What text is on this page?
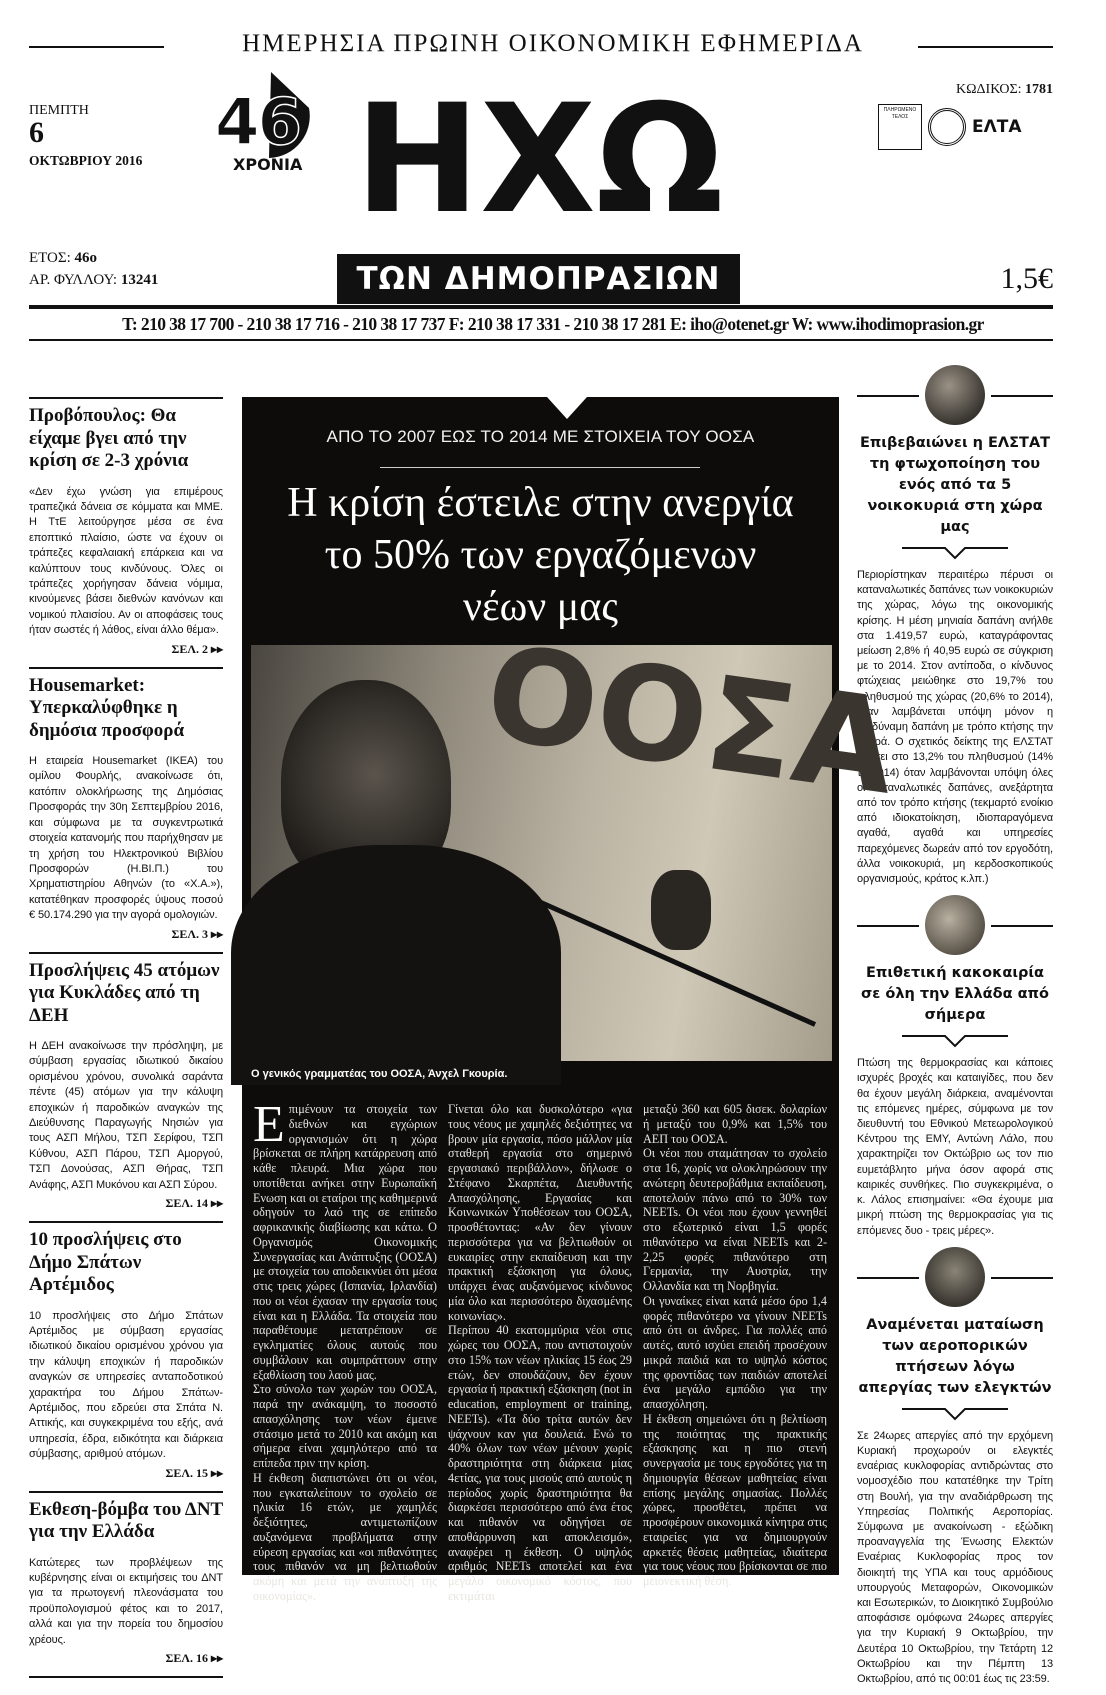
ΗΜΕΡΗΣΙΑ ΠΡΩΙΝΗ ΟΙΚΟΝΟΜΙΚΗ ΕΦΗΜΕΡΙΔΑ
ΠΕΜΠΤΗ
6
ΟΚΤΩΒΡΙΟΥ 2016
46
ΧΡΟΝΙΑ ΗΧΩ
ΤΩΝ ΔΗΜΟΠΡΑΣΙΩΝ
ΕΤΟΣ: 46ο
ΑΡ. ΦΥΛΛΟΥ: 13241
ΚΩΔΙΚΟΣ: 1781
ΠΛΗΡΩΜΕΝΟ ΤΕΛΟΣ	ΕΛΤΑ
1,5€
T: 210 38 17 700 - 210 38 17 716 - 210 38 17 737 F: 210 38 17 331 - 210 38 17 281 E: iho@otenet.gr W: www.ihodimoprasion.gr
Προβόπουλος: Θα είχαμε βγει από την κρίση σε 2-3 χρόνια

«Δεν έχω γνώση για επιμέρους τραπεζικά δάνεια σε κόμματα και ΜΜΕ. Η ΤτΕ λειτούργησε μέσα σε ένα εποπτικό πλαίσιο, ώστε να έχουν οι τράπεζες κεφαλαιακή επάρκεια και να καλύπτουν τους κινδύνους. Όλες οι τράπεζες χορήγησαν δάνεια νόμιμα, κινούμενες βάσει διεθνών κανόνων και νομικού πλαισίου. Αν οι αποφάσεις τους ήταν σωστές ή λάθος, είναι άλλο θέμα».

ΣΕΛ. 2 ▸▸
Housemarket: Υπερκαλύφθηκε η δημόσια προσφορά

Η εταιρεία Housemarket (ΙΚΕΑ) του ομίλου Φουρλής, ανακοίνωσε ότι, κατόπιν ολοκλήρωσης της Δημόσιας Προσφοράς την 30η Σεπτεμβρίου 2016, και σύμφωνα με τα συγκεντρωτικά στοιχεία κατανομής που παρήχθησαν με τη χρήση του Ηλεκτρονικού Βιβλίου Προσφορών (Η.ΒΙ.Π.) του Χρηματιστηρίου Αθηνών (το «Χ.Α.»), κατατέθηκαν προσφορές ύψους ποσού € 50.174.290 για την αγορά ομολογιών.

ΣΕΛ. 3 ▸▸
Προσλήψεις 45 ατόμων για Κυκλάδες από τη ΔΕΗ

Η ΔΕΗ ανακοίνωσε την πρόσληψη, με σύμβαση εργασίας ιδιωτικού δικαίου ορισμένου χρόνου, συνολικά σαράντα πέντε (45) ατόμων για την κάλυψη εποχικών ή παροδικών αναγκών της Διεύθυνσης Παραγωγής Νησιών για τους ΑΣΠ Μήλου, ΤΣΠ Σερίφου, ΤΣΠ Κύθνου, ΑΣΠ Πάρου, ΤΣΠ Αμοργού, ΤΣΠ Δονούσας, ΑΣΠ Θήρας, ΤΣΠ Ανάφης, ΑΣΠ Μυκόνου και ΑΣΠ Σύρου.

ΣΕΛ. 14 ▸▸
10 προσλήψεις στο Δήμο Σπάτων Αρτέμιδος

10 προσλήψεις στο Δήμο Σπάτων Αρτέμιδος με σύμβαση εργασίας ιδιωτικού δικαίου ορισμένου χρόνου για την κάλυψη εποχικών ή παροδικών αναγκών σε υπηρεσίες ανταποδοτικού χαρακτήρα του Δήμου Σπάτων- Αρτέμιδος, που εδρεύει στα Σπάτα Ν. Αττικής, και συγκεκριμένα του εξής, ανά υπηρεσία, έδρα, ειδικότητα και διάρκεια σύμβασης, αριθμού ατόμων.

ΣΕΛ. 15 ▸▸
Εκθεση-βόμβα του ΔΝΤ για την Ελλάδα

Κατώτερες των προβλέψεων της κυβέρνησης είναι οι εκτιμήσεις του ΔΝΤ για τα πρωτογενή πλεονάσματα του προϋπολογισμού φέτος και το 2017, αλλά και για την πορεία του δημοσίου χρέους.

ΣΕΛ. 16 ▸▸
ΑΠΟ ΤΟ 2007 ΕΩΣ ΤΟ 2014 ΜΕ ΣΤΟΙΧΕΙΑ ΤΟΥ ΟΟΣΑ
Η κρίση έστειλε στην ανεργία
το 50% των εργαζόμενων
νέων μας
ΟΟΣΑ
Ο γενικός γραμματέας του ΟΟΣΑ, Άνχελ Γκουρία.

Επιμένουν τα στοιχεία των διεθνών και εγχώριων οργανισμών ότι η χώρα βρίσκεται σε πλήρη κατάρρευση από κάθε πλευρά. Μια χώρα που υποτίθεται ανήκει στην Ευρωπαϊκή Ενωση και οι εταίροι της καθημερινά οδηγούν το λαό της σε επίπεδο αφρικανικής διαβίωσης και κάτω. Ο Οργανισμός Οικονομικής Συνεργασίας και Ανάπτυξης (ΟΟΣΑ) με στοιχεία του αποδεικνύει ότι μέσα στις τρεις χώρες (Ισπανία, Ιρλανδία) που οι νέοι έχασαν την εργασία τους είναι και η Ελλάδα. Τα στοιχεία που παραθέτουμε μετατρέπουν σε εγκληματίες όλους αυτούς που συμβάλουν και συμπράττουν στην εξαθλίωση του λαού μας.

Στο σύνολο των χωρών του ΟΟΣΑ, παρά την ανάκαμψη, το ποσοστό απασχόλησης των νέων έμεινε στάσιμο μετά το 2010 και ακόμη και σήμερα είναι χαμηλότερο από τα επίπεδα πριν την κρίση.

Η έκθεση διαπιστώνει ότι οι νέοι, που εγκαταλείπουν το σχολείο σε ηλικία 16 ετών, με χαμηλές δεξιότητες, αντιμετωπίζουν αυξανόμενα προβλήματα στην εύρεση εργασίας και «οι πιθανότητες τους πιθανόν να μη βελτιωθούν ακόμη και μετά την ανάπτυξη της οικονομίας».

Γίνεται όλο και δυσκολότερο «για τους νέους με χαμηλές δεξιότητες να βρουν μία εργασία, πόσο μάλλον μία σταθερή εργασία στο σημερινό εργασιακό περιβάλλον», δήλωσε ο Στέφανο Σκαρπέτα, Διευθυντής Απασχόλησης, Εργασίας και Κοινωνικών Υποθέσεων του ΟΟΣΑ, προσθέτοντας: «Αν δεν γίνουν περισσότερα για να βελτιωθούν οι ευκαιρίες στην εκπαίδευση και την πρακτική εξάσκηση για όλους, υπάρχει ένας αυξανόμενος κίνδυνος μία όλο και περισσότερο διχασμένης κοινωνίας».

Περίπου 40 εκατομμύρια νέοι στις χώρες του ΟΟΣΑ, που αντιστοιχούν στο 15% των νέων ηλικίας 15 έως 29 ετών, δεν σπουδάζουν, δεν έχουν εργασία ή πρακτική εξάσκηση (not in education, employment or training, NEETs). «Τα δύο τρίτα αυτών δεν ψάχνουν καν για δουλειά. Ενώ το 40% όλων των νέων μένουν χωρίς δραστηριότητα στη διάρκεια μίας 4ετίας, για τους μισούς από αυτούς η περίοδος χωρίς δραστηριότητα θα διαρκέσει περισσότερο από ένα έτος και πιθανόν να οδηγήσει σε αποθάρρυνση και αποκλεισμό», αναφέρει η έκθεση. Ο υψηλός αριθμός NEETs αποτελεί και ένα μεγάλο οικονομικό κόστος, που εκτιμάται

μεταξύ 360 και 605 δισεκ. δολαρίων ή μεταξύ του 0,9% και 1,5% του ΑΕΠ του ΟΟΣΑ.

Οι νέοι που σταμάτησαν το σχολείο στα 16, χωρίς να ολοκληρώσουν την ανώτερη δευτεροβάθμια εκπαίδευση, αποτελούν πάνω από το 30% των NEETs. Οι νέοι που έχουν γεννηθεί στο εξωτερικό είναι 1,5 φορές πιθανότερο να είναι NEETs και 2-2,25 φορές πιθανότερο στη Γερμανία, την Αυστρία, την Ολλανδία και τη Νορβηγία.

Οι γυναίκες είναι κατά μέσο όρο 1,4 φορές πιθανότερο να γίνουν NEETs από ότι οι άνδρες. Για πολλές από αυτές, αυτό ισχύει επειδή προσέχουν μικρά παιδιά και το υψηλό κόστος της φροντίδας των παιδιών αποτελεί ένα μεγάλο εμπόδιο για την απασχόληση.

Η έκθεση σημειώνει ότι η βελτίωση της ποιότητας της πρακτικής εξάσκησης και η πιο στενή συνεργασία με τους εργοδότες για τη δημιουργία θέσεων μαθητείας είναι επίσης μεγάλης σημασίας. Πολλές χώρες, προσθέτει, πρέπει να προσφέρουν οικονομικά κίνητρα στις εταιρείες για να δημιουργούν αρκετές θέσεις μαθητείας, ιδιαίτερα για τους νέους που βρίσκονται σε πιο μειονεκτική θέση.

Επιβεβαιώνει η ΕΛΣΤΑΤ τη φτωχοποίηση του ενός από τα 5 νοικοκυριά στη χώρα μας
Περιορίστηκαν περαιτέρω πέρυσι οι καταναλωτικές δαπάνες των νοικοκυριών της χώρας, λόγω της οικονομικής κρίσης. Η μέση μηνιαία δαπάνη ανήλθε στα 1.419,57 ευρώ, καταγράφοντας μείωση 2,8% ή 40,95 ευρώ σε σύγκριση με το 2014. Στον αντίποδα, ο κίνδυνος φτώχειας μειώθηκε στο 19,7% του πληθυσμού της χώρας (20,6% το 2014), όταν λαμβάνεται υπόψη μόνον η ισοδύναμη δαπάνη με τρόπο κτήσης την αγορά. Ο σχετικός δείκτης της ΕΛΣΤΑΤ πέφτει στο 13,2% του πληθυσμού (14% το 2014) όταν λαμβάνονται υπόψη όλες οι καταναλωτικές δαπάνες, ανεξάρτητα από τον τρόπο κτήσης (τεκμαρτό ενοίκιο από ιδιοκατοίκηση, ιδιοπαραγόμενα αγαθά, αγαθά και υπηρεσίες παρεχόμενες δωρεάν από τον εργοδότη, άλλα νοικοκυριά, μη κερδοσκοπικούς οργανισμούς, κράτος κ.λπ.)
Επιθετική κακοκαιρία σε όλη την Ελλάδα από σήμερα
Πτώση της θερμοκρασίας και κάποιες ισχυρές βροχές και καταιγίδες, που δεν θα έχουν μεγάλη διάρκεια, αναμένονται τις επόμενες ημέρες, σύμφωνα με τον διευθυντή του Εθνικού Μετεωρολογικού Κέντρου της ΕΜΥ, Αντώνη Λάλο, που χαρακτηρίζει τον Οκτώβριο ως τον πιο ευμετάβλητο μήνα όσον αφορά στις καιρικές συνθήκες. Πιο συγκεκριμένα, ο κ. Λάλος επισημαίνει: «Θα έχουμε μια μικρή πτώση της θερμοκρασίας για τις επόμενες δυο - τρεις μέρες».
Αναμένεται ματαίωση των αεροπορικών πτήσεων λόγω απεργίας των ελεγκτών
Σε 24ωρες απεργίες από την ερχόμενη Κυριακή προχωρούν οι ελεγκτές εναέριας κυκλοφορίας αντιδρώντας στο νομοσχέδιο που κατατέθηκε την Τρίτη στη Βουλή, για την αναδιάρθρωση της Υπηρεσίας Πολιτικής Αεροπορίας. Σύμφωνα με ανακοίνωση - εξώδικη προαναγγελία της Ένωσης Ελεκτών Εναέριας Κυκλοφορίας προς τον διοικητή της ΥΠΑ και τους αρμόδιους υπουργούς Μεταφορών, Οικονομικών και Εσωτερικών, το Διοικητικό Συμβούλιο αποφάσισε ομόφωνα 24ωρες απεργίες για την Κυριακή 9 Οκτωβρίου, την Δευτέρα 10 Οκτωβρίου, την Τετάρτη 12 Οκτωβρίου και την Πέμπτη 13 Οκτωβρίου, από τις 00:01 έως τις 23:59.
